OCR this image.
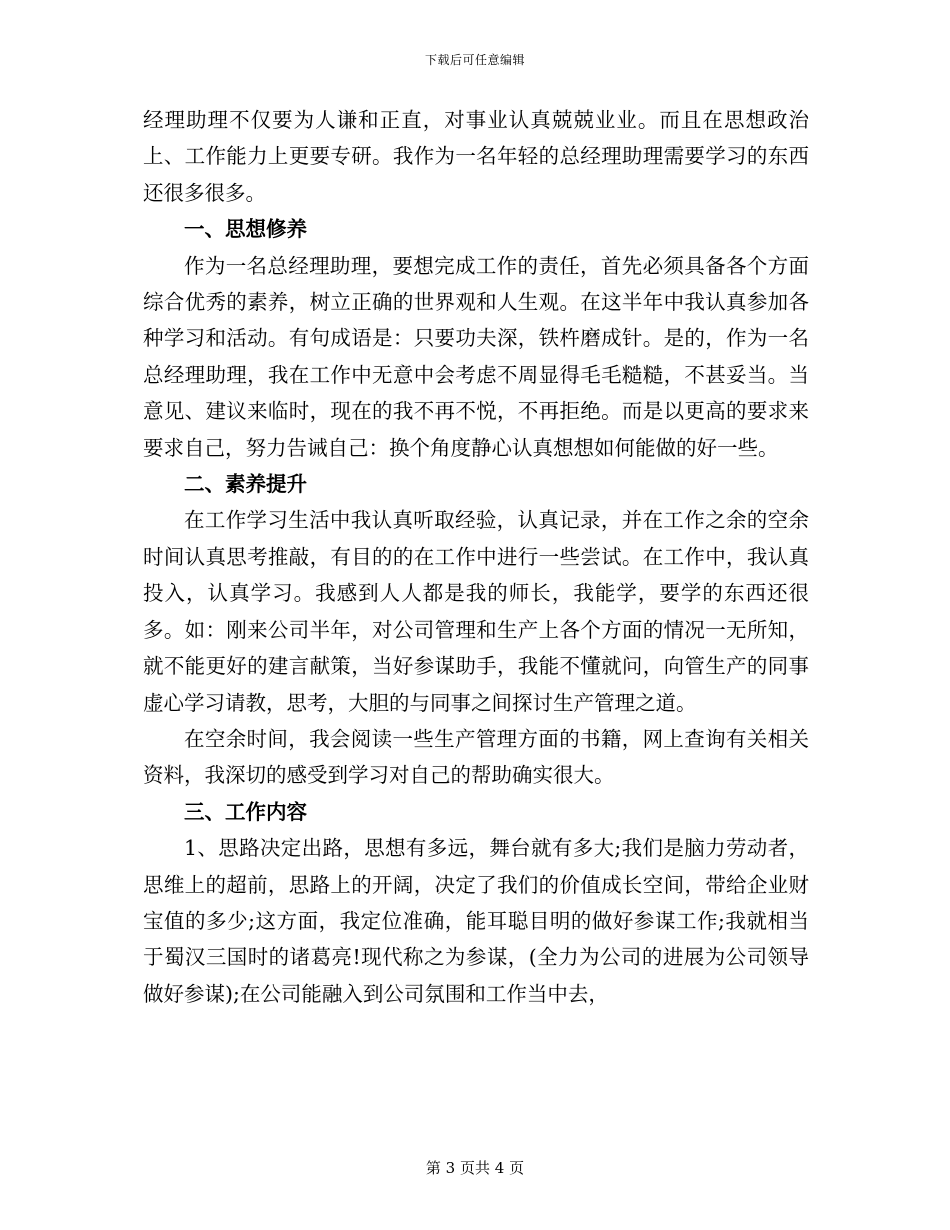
下载后可任意编辑

经理助理不仅要为人谦和正直，对事业认真兢兢业业。而且在思想政治上、工作能力上更要专研。我作为一名年轻的总经理助理需要学习的东西还很多很多。

一、思想修养

作为一名总经理助理，要想完成工作的责任，首先必须具备各个方面综合优秀的素养，树立正确的世界观和人生观。在这半年中我认真参加各种学习和活动。有句成语是：只要功夫深，铁杵磨成针。是的，作为一名总经理助理，我在工作中无意中会考虑不周显得毛毛糙糙，不甚妥当。当意见、建议来临时，现在的我不再不悦，不再拒绝。而是以更高的要求来要求自己，努力告诫自己：换个角度静心认真想想如何能做的好一些。

二、素养提升

在工作学习生活中我认真听取经验，认真记录，并在工作之余的空余时间认真思考推敲，有目的的在工作中进行一些尝试。在工作中，我认真投入，认真学习。我感到人人都是我的师长，我能学，要学的东西还很多。如：刚来公司半年，对公司管理和生产上各个方面的情况一无所知，就不能更好的建言献策，当好参谋助手，我能不懂就问，向管生产的同事虚心学习请教，思考，大胆的与同事之间探讨生产管理之道。

在空余时间，我会阅读一些生产管理方面的书籍，网上查询有关相关资料，我深切的感受到学习对自己的帮助确实很大。

三、工作内容

1、思路决定出路，思想有多远，舞台就有多大;我们是脑力劳动者，思维上的超前，思路上的开阔，决定了我们的价值成长空间，带给企业财宝值的多少;这方面，我定位准确，能耳聪目明的做好参谋工作;我就相当于蜀汉三国时的诸葛亮!现代称之为参谋，(全力为公司的进展为公司领导做好参谋);在公司能融入到公司氛围和工作当中去，

第 3 页共 4 页
